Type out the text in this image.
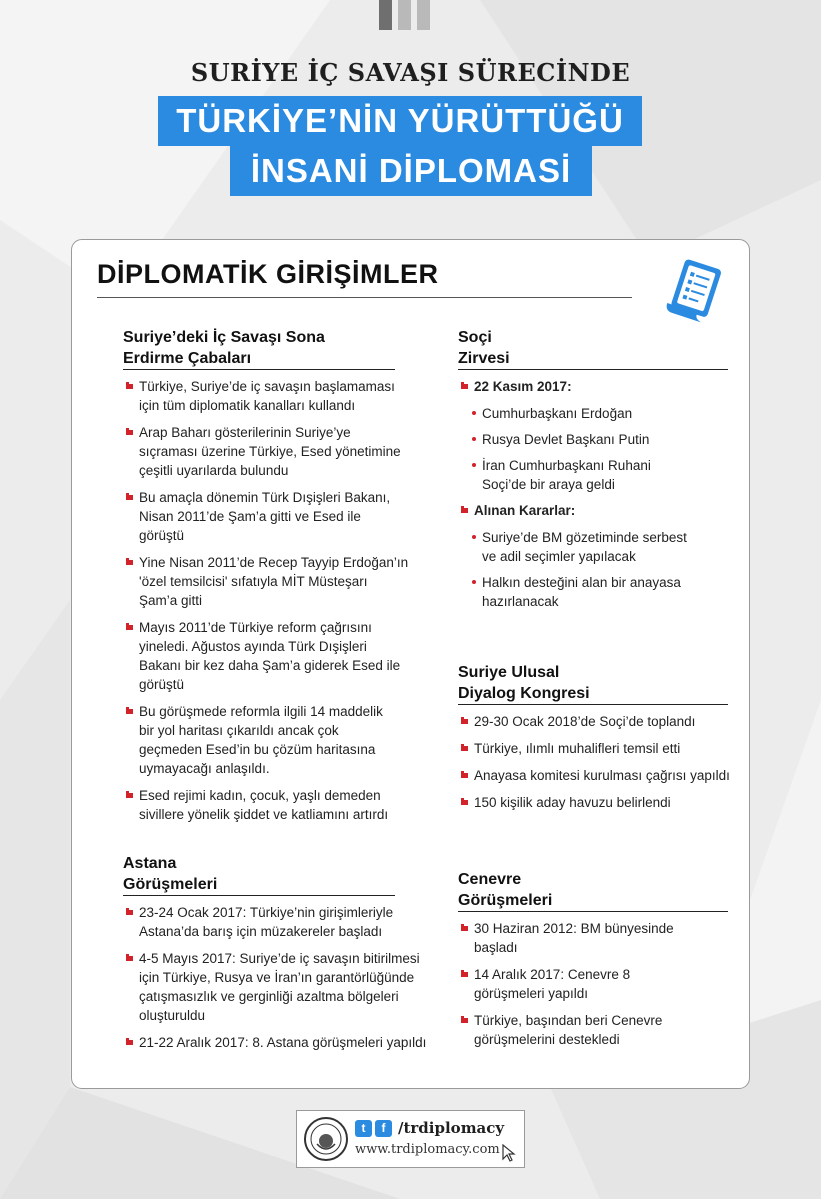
SURİYE İÇ SAVAŞI SÜRECİNDE
TÜRKİYE’NİN YÜRÜTTÜĞÜ
İNSANİ DİPLOMASİ
DİPLOMATİK GİRİŞİMLER
Suriye’deki İç Savaşı Sona
Erdirme Çabaları
Türkiye, Suriye’de iç savaşın başlamaması
için tüm diplomatik kanalları kullandı
Arap Baharı gösterilerinin Suriye’ye
sıçraması üzerine Türkiye, Esed yönetimine
çeşitli uyarılarda bulundu
Bu amaçla dönemin Türk Dışişleri Bakanı,
Nisan 2011’de Şam’a gitti ve Esed ile
görüştü
Yine Nisan 2011’de Recep Tayyip Erdoğan’ın
'özel temsilcisi' sıfatıyla MİT Müsteşarı
Şam’a gitti
Mayıs 2011’de Türkiye reform çağrısını
yineledi. Ağustos ayında Türk Dışişleri
Bakanı bir kez daha Şam’a giderek Esed ile
görüştü
Bu görüşmede reformla ilgili 14 maddelik
bir yol haritası çıkarıldı ancak çok
geçmeden Esed’in bu çözüm haritasına
uymayacağı anlaşıldı.
Esed rejimi kadın, çocuk, yaşlı demeden
sivillere yönelik şiddet ve katliamını artırdı
Astana
Görüşmeleri
23-24 Ocak 2017: Türkiye’nin girişimleriyle
Astana’da barış için müzakereler başladı
4-5 Mayıs 2017: Suriye’de iç savaşın bitirilmesi
için Türkiye, Rusya ve İran’ın garantörlüğünde
çatışmasızlık ve gerginliği azaltma bölgeleri
oluşturuldu
21-22 Aralık 2017: 8. Astana görüşmeleri yapıldı
Soçi
Zirvesi
22 Kasım 2017:
Cumhurbaşkanı Erdoğan
Rusya Devlet Başkanı Putin
İran Cumhurbaşkanı Ruhani
Soçi’de bir araya geldi
Alınan Kararlar:
Suriye’de BM gözetiminde serbest
ve adil seçimler yapılacak
Halkın desteğini alan bir anayasa
hazırlanacak
Suriye Ulusal
Diyalog Kongresi
29-30 Ocak 2018’de Soçi’de toplandı
Türkiye, ılımlı muhalifleri temsil etti
Anayasa komitesi kurulması çağrısı yapıldı
150 kişilik aday havuzu belirlendi
Cenevre
Görüşmeleri
30 Haziran 2012: BM bünyesinde
başladı
14 Aralık 2017: Cenevre 8
görüşmeleri yapıldı
Türkiye, başından beri Cenevre
görüşmelerini destekledi
t	f /trdiplomacy
www.trdiplomacy.com
